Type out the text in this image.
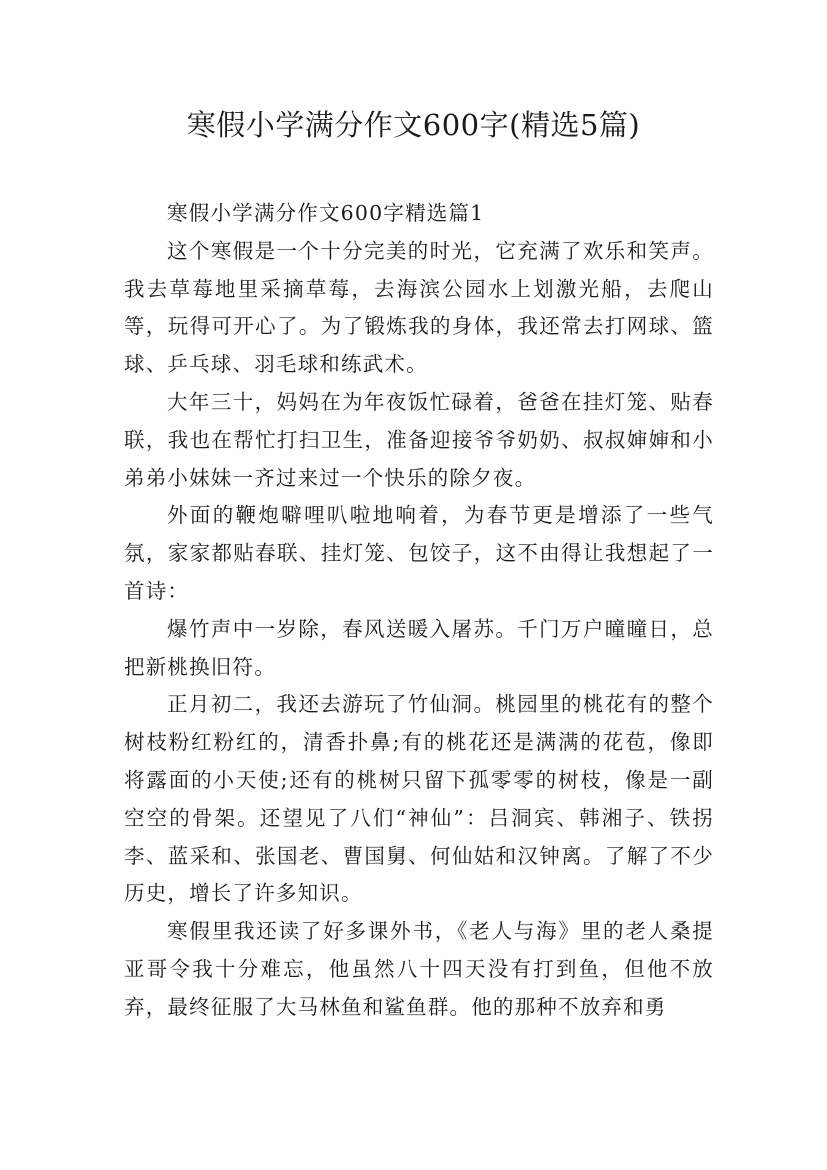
寒假小学满分作文600字(精选5篇)

寒假小学满分作文600字精选篇1

这个寒假是一个十分完美的时光，它充满了欢乐和笑声。我去草莓地里采摘草莓，去海滨公园水上划激光船，去爬山等，玩得可开心了。为了锻炼我的身体，我还常去打网球、篮球、乒乓球、羽毛球和练武术。

大年三十，妈妈在为年夜饭忙碌着，爸爸在挂灯笼、贴春联，我也在帮忙打扫卫生，准备迎接爷爷奶奶、叔叔婶婶和小弟弟小妹妹一齐过来过一个快乐的除夕夜。

外面的鞭炮噼哩叭啦地响着，为春节更是增添了一些气氛，家家都贴春联、挂灯笼、包饺子，这不由得让我想起了一首诗：

爆竹声中一岁除，春风送暖入屠苏。千门万户曈曈日，总把新桃换旧符。

正月初二，我还去游玩了竹仙洞。桃园里的桃花有的整个树枝粉红粉红的，清香扑鼻;有的桃花还是满满的花苞，像即将露面的小天使;还有的桃树只留下孤零零的树枝，像是一副空空的骨架。还望见了八们“神仙”：吕洞宾、韩湘子、铁拐李、蓝采和、张国老、曹国舅、何仙姑和汉钟离。了解了不少历史，增长了许多知识。

寒假里我还读了好多课外书，《老人与海》里的老人桑提亚哥令我十分难忘，他虽然八十四天没有打到鱼，但他不放弃，最终征服了大马林鱼和鲨鱼群。他的那种不放弃和勇
